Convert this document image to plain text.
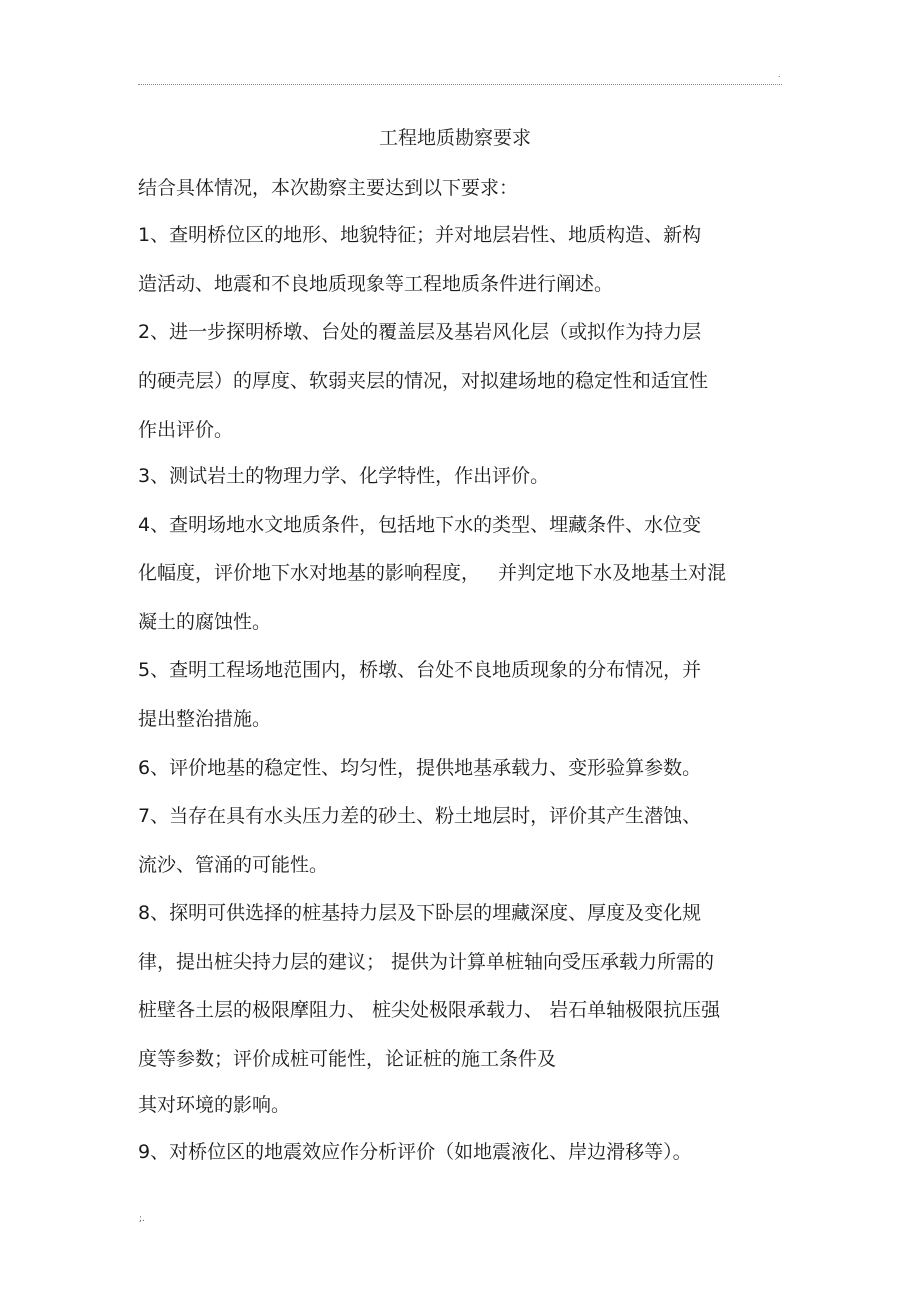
.
工程地质勘察要求
结合具体情况，本次勘察主要达到以下要求：
1、查明桥位区的地形、地貌特征；并对地层岩性、地质构造、新构
造活动、地震和不良地质现象等工程地质条件进行阐述。
2、进一步探明桥墩、台处的覆盖层及基岩风化层（或拟作为持力层
的硬壳层）的厚度、软弱夹层的情况，对拟建场地的稳定性和适宜性
作出评价。
3、测试岩土的物理力学、化学特性，作出评价。
4、查明场地水文地质条件，包括地下水的类型、埋藏条件、水位变
化幅度，评价地下水对地基的影响程度，   并判定地下水及地基土对混
凝土的腐蚀性。
5、查明工程场地范围内，桥墩、台处不良地质现象的分布情况，并
提出整治措施。
6、评价地基的稳定性、均匀性，提供地基承载力、变形验算参数。
7、当存在具有水头压力差的砂土、粉土地层时，评价其产生潜蚀、
流沙、管涌的可能性。
8、探明可供选择的桩基持力层及下卧层的埋藏深度、厚度及变化规
律，提出桩尖持力层的建议； 提供为计算单桩轴向受压承载力所需的
桩壁各土层的极限摩阻力、 桩尖处极限承载力、 岩石单轴极限抗压强
度等参数；评价成桩可能性，论证桩的施工条件及
其对环境的影响。
9、对桥位区的地震效应作分析评价（如地震液化、岸边滑移等）。
;.
